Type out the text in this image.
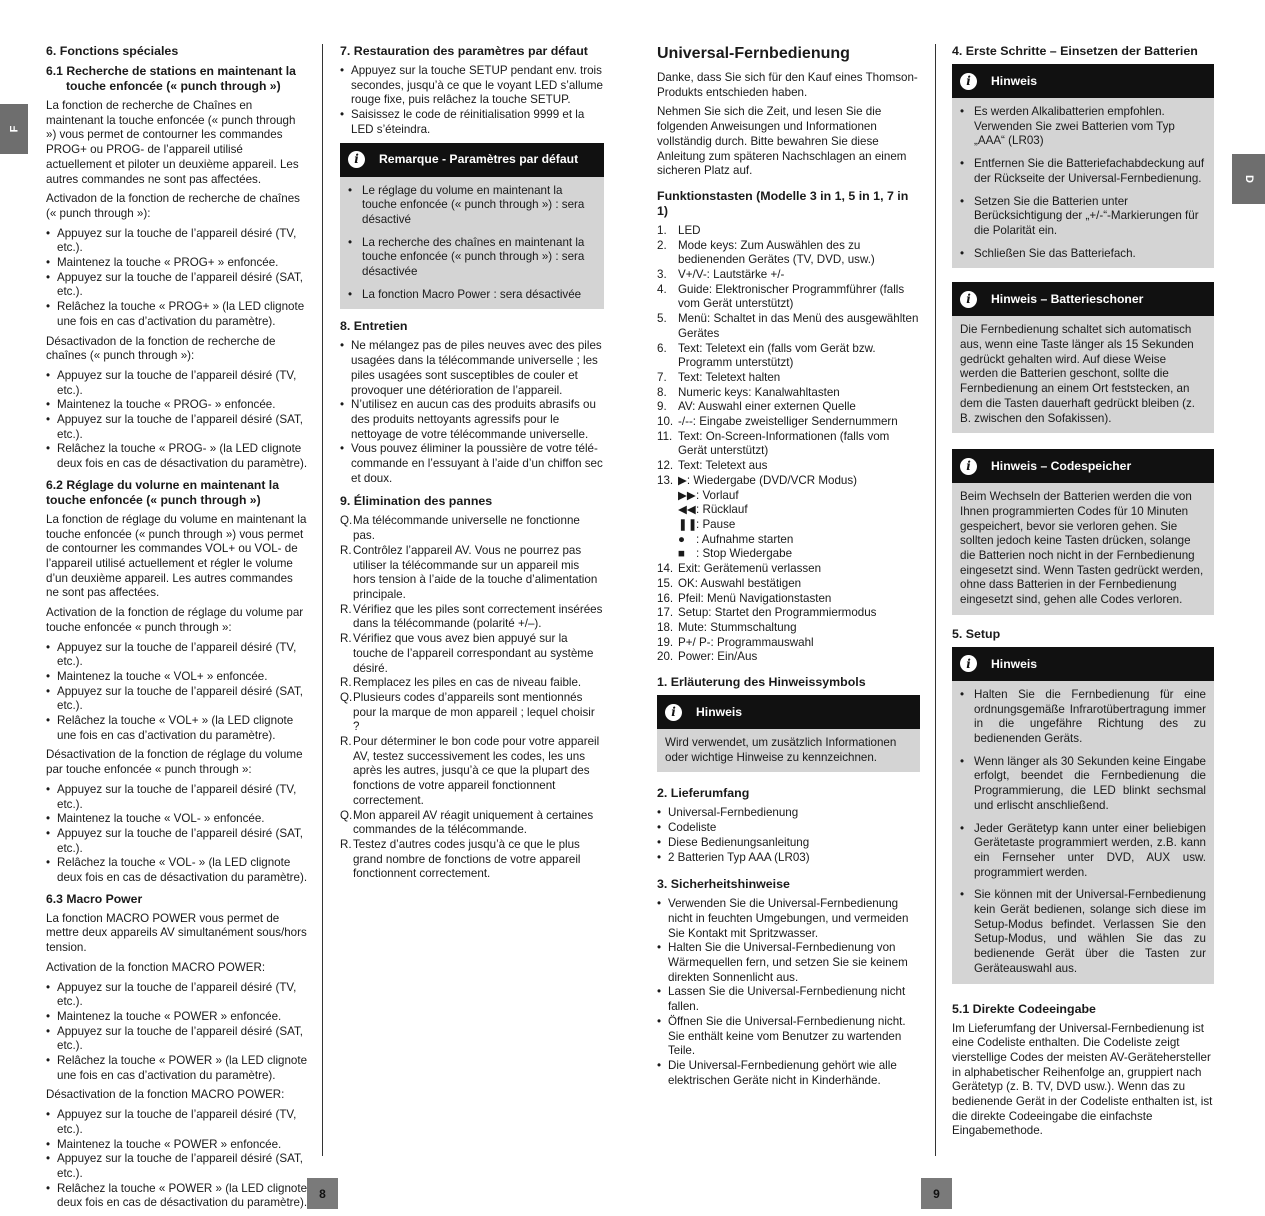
F
D
6. Fonctions spéciales
6.1 Recherche de stations en maintenant la touche enfoncée (« punch through »)

La fonction de recherche de Chaînes en maintenant la touche enfoncée (« punch through ») vous permet de contourner les commandes PROG+ ou PROG- de l’appareil utilisé actuellement et piloter un deuxième appareil. Les autres commandes ne sont pas affectées.

Activadon de la fonction de recherche de chaînes (« punch through »):

• Appuyez sur la touche de l’appareil désiré (TV, etc.).
• Maintenez la touche « PROG+ » enfoncée.
• Appuyez sur la touche de l’appareil désiré (SAT, etc.).
• Relâchez la touche « PROG+ » (la LED clignote une fois en cas d’activation du paramètre).

Désactivadon de la fonction de recherche de chaînes (« punch through »):

• Appuyez sur la touche de l’appareil désiré (TV, etc.).
• Maintenez la touche « PROG- » enfoncée.
• Appuyez sur la touche de l’appareil désiré (SAT, etc.).
• Relâchez la touche « PROG- » (la LED clignote deux fois en cas de désactivation du paramètre).
6.2 Réglage du volurne en maintenant la touche enfoncée (« punch through »)

La fonction de réglage du volume en maintenant la touche enfoncée (« punch through ») vous permet de contourner les commandes VOL+ ou VOL- de l’appareil utilisé actuellement et régler le volume d’un deuxième appareil. Les autres commandes ne sont pas affectées.

Activation de la fonction de réglage du volume par touche enfoncée « punch through »:

• Appuyez sur la touche de l’appareil désiré (TV, etc.).
• Maintenez la touche « VOL+ » enfoncée.
• Appuyez sur la touche de l’appareil désiré (SAT, etc.).
• Relâchez la touche « VOL+ » (la LED clignote une fois en cas d’activation du paramètre).

Désactivation de la fonction de réglage du volume par touche enfoncée « punch through »:

• Appuyez sur la touche de l’appareil désiré (TV, etc.).
• Maintenez la touche « VOL- » enfoncée.
• Appuyez sur la touche de l’appareil désiré (SAT, etc.).
• Relâchez la touche « VOL- » (la LED clignote deux fois en cas de désactivation du paramètre).
6.3 Macro Power

La fonction MACRO POWER vous permet de mettre deux appareils AV simultanément sous/hors tension.

Activation de la fonction MACRO POWER:

• Appuyez sur la touche de l’appareil désiré (TV, etc.).
• Maintenez la touche « POWER » enfoncée.
• Appuyez sur la touche de l’appareil désiré (SAT, etc.).
• Relâchez la touche « POWER » (la LED clignote une fois en cas d’activation du paramètre).

Désactivation de la fonction MACRO POWER:

• Appuyez sur la touche de l’appareil désiré (TV, etc.).
• Maintenez la touche « POWER » enfoncée.
• Appuyez sur la touche de l’appareil désiré (SAT, etc.).
• Relâchez la touche « POWER » (la LED clignote deux fois en cas de désactivation du paramètre).
7. Restauration des paramètres par défaut
• Appuyez sur la touche SETUP pendant env. trois secondes, jusqu’à ce que le voyant LED s’allume rouge fixe, puis relâchez la touche SETUP.
• Saisissez le code de réinitialisation 9999 et la LED s’éteindra.
i	Remarque - Paramètres par défaut
• Le réglage du volume en maintenant la touche enfoncée (« punch through ») : sera désactivé
• La recherche des chaînes en maintenant la touche enfoncée (« punch through ») : sera désactivée
• La fonction Macro Power : sera désactivée
8. Entretien
• Ne mélangez pas de piles neuves avec des piles usagées dans la télécommande universelle ; les piles usagées sont susceptibles de couler et provoquer une détérioration de l’appareil.
• N’utilisez en aucun cas des produits abrasifs ou des produits nettoyants agressifs pour le nettoyage de votre télécommande universelle.
• Vous pouvez éliminer la poussière de votre télé-commande en l’essuyant à l’aide d’un chiffon sec et doux.
9. Élimination des pannes
Q. Ma télécommande universelle ne fonctionne pas.
R. Contrôlez l’appareil AV. Vous ne pourrez pas utiliser la télécommande sur un appareil mis hors tension à l’aide de la touche d’alimentation principale.
R. Vérifiez que les piles sont correctement insérées dans la télécommande (polarité +/–).
R. Vérifiez que vous avez bien appuyé sur la touche de l’appareil correspondant au système désiré.
R. Remplacez les piles en cas de niveau faible.
Q. Plusieurs codes d’appareils sont mentionnés pour la marque de mon appareil ; lequel choisir ?
R. Pour déterminer le bon code pour votre appareil AV, testez successivement les codes, les uns après les autres, jusqu’à ce que la plupart des fonctions de votre appareil fonctionnent correctement.
Q. Mon appareil AV réagit uniquement à certaines commandes de la télécommande.
R. Testez d’autres codes jusqu’à ce que le plus grand nombre de fonctions de votre appareil fonctionnent correctement.
Universal-Fernbedienung

Danke, dass Sie sich für den Kauf eines Thomson-Produkts entschieden haben.

Nehmen Sie sich die Zeit, und lesen Sie die folgenden Anweisungen und Informationen vollständig durch. Bitte bewahren Sie diese Anleitung zum späteren Nachschlagen an einem sicheren Platz auf.

Funktionstasten (Modelle 3 in 1, 5 in 1, 7 in 1)
1. LED
2. Mode keys: Zum Auswählen des zu bedienenden Gerätes (TV, DVD, usw.)
3. V+/V-: Lautstärke +/-
4. Guide: Elektronischer Programmführer (falls vom Gerät unterstützt)
5. Menü: Schaltet in das Menü des ausgewählten Gerätes
6. Text: Teletext ein (falls vom Gerät bzw. Programm unterstützt)
7. Text: Teletext halten
8. Numeric keys: Kanalwahltasten
9. AV: Auswahl einer externen Quelle
10. -/--: Eingabe zweistelliger Sendernummern
11. Text: On-Screen-Informationen (falls vom Gerät unterstützt)
12. Text: Teletext aus
13. ▶: Wiedergabe (DVD/VCR Modus)
▶▶: Vorlauf
◀◀: Rücklauf
❚❚: Pause
● : Aufnahme starten
■ : Stop Wiedergabe
14. Exit: Gerätemenü verlassen
15. OK: Auswahl bestätigen
16. Pfeil: Menü Navigationstasten
17. Setup: Startet den Programmiermodus
18. Mute: Stummschaltung
19. P+/ P-: Programmauswahl
20. Power: Ein/Aus
1. Erläuterung des Hinweissymbols
i	Hinweis

Wird verwendet, um zusätzlich Informationen oder wichtige Hinweise zu kennzeichnen.

2. Lieferumfang
• Universal-Fernbedienung
• Codeliste
• Diese Bedienungsanleitung
• 2 Batterien Typ AAA (LR03)
3. Sicherheitshinweise
• Verwenden Sie die Universal-Fernbedienung nicht in feuchten Umgebungen, und vermeiden Sie Kontakt mit Spritzwasser.
• Halten Sie die Universal-Fernbedienung von Wärmequellen fern, und setzen Sie sie keinem direkten Sonnenlicht aus.
• Lassen Sie die Universal-Fernbedienung nicht fallen.
• Öffnen Sie die Universal-Fernbedienung nicht. Sie enthält keine vom Benutzer zu wartenden Teile.
• Die Universal-Fernbedienung gehört wie alle elektrischen Geräte nicht in Kinderhände.
4. Erste Schritte – Einsetzen der Batterien
i	Hinweis
• Es werden Alkalibatterien empfohlen. Verwenden Sie zwei Batterien vom Typ „AAA“ (LR03)
• Entfernen Sie die Batteriefachabdeckung auf der Rückseite der Universal-Fernbedienung.
• Setzen Sie die Batterien unter Berücksichtigung der „+/-“-Markierungen für die Polarität ein.
• Schließen Sie das Batteriefach.
i	Hinweis – Batterieschoner

Die Fernbedienung schaltet sich automatisch aus, wenn eine Taste länger als 15 Sekunden gedrückt gehalten wird. Auf diese Weise werden die Batterien geschont, sollte die Fernbedienung an einem Ort feststecken, an dem die Tasten dauerhaft gedrückt bleiben (z. B. zwischen den Sofakissen).

i	Hinweis – Codespeicher

Beim Wechseln der Batterien werden die von Ihnen programmierten Codes für 10 Minuten gespeichert, bevor sie verloren gehen. Sie sollten jedoch keine Tasten drücken, solange die Batterien noch nicht in der Fernbedienung eingesetzt sind. Wenn Tasten gedrückt werden, ohne dass Batterien in der Fernbedienung eingesetzt sind, gehen alle Codes verloren.

5. Setup
i	Hinweis
• Halten Sie die Fernbedienung für eine ordnungsgemäße Infrarotübertragung immer in die ungefähre Richtung des zu bedienenden Geräts.
• Wenn länger als 30 Sekunden keine Eingabe erfolgt, beendet die Fernbedienung die Programmierung, die LED blinkt sechsmal und erlischt anschließend.
• Jeder Gerätetyp kann unter einer beliebigen Gerätetaste programmiert werden, z.B. kann ein Fernseher unter DVD, AUX usw. programmiert werden.
• Sie können mit der Universal-Fernbedienung kein Gerät bedienen, solange sich diese im Setup-Modus befindet. Verlassen Sie den Setup-Modus, und wählen Sie das zu bedienende Gerät über die Tasten zur Geräteauswahl aus.
5.1 Direkte Codeeingabe

Im Lieferumfang der Universal-Fernbedienung ist eine Codeliste enthalten. Die Codeliste zeigt vierstellige Codes der meisten AV-Gerätehersteller in alphabetischer Reihenfolge an, gruppiert nach Gerätetyp (z. B. TV, DVD usw.). Wenn das zu bedienende Gerät in der Codeliste enthalten ist, ist die direkte Codeeingabe die einfachste Eingabemethode.

8	9
